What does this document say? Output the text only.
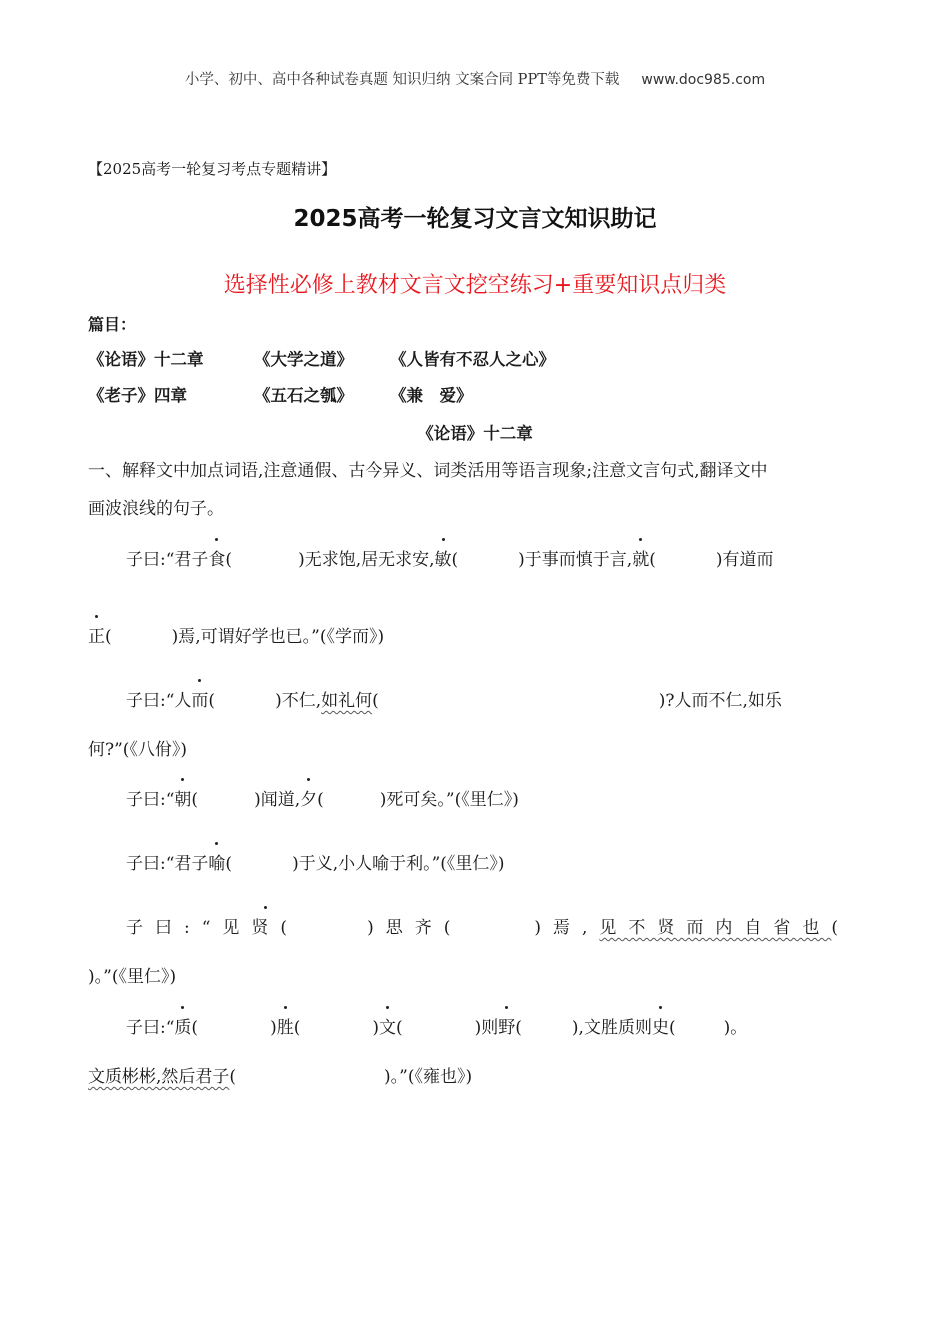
小学、初中、高中各种试卷真题 知识归纳 文案合同 PPT等免费下载 www.doc985.com
【2025高考一轮复习考点专题精讲】
2025高考一轮复习文言文知识助记
选择性必修上教材文言文挖空练习+重要知识点归类
篇目：
《论语》十二章	《大学之道》 《人皆有不忍人之心》
《老子》四章	《五石之瓠》 《兼　爱》
《论语》十二章
一、解释文中加点词语,注意通假、古今异义、词类活用等语言现象;注意文言句式,翻译文中
画波浪线的句子。
子曰:“君子食(	)无求饱,居无求安,敏(	)于事而慎于言,就(	)有道而
正(	)焉,可谓好学也已。”(《学而》)
子曰:“人而(	)不仁,如礼何(	)?人而不仁,如乐
何?”(《八佾》)
子曰:“朝(	)闻道,夕(	)死可矣。”(《里仁》)
子曰:“君子喻(	)于义,小人喻于利。”(《里仁》)
子曰:“见贤(	)思齐(	)焉,见不贤而内自省也(
)。”(《里仁》)
子曰:“质(	)胜(	)文(	)则野(	),文胜质则史(	)。
文质彬彬,然后君子(	)。”(《雍也》)
